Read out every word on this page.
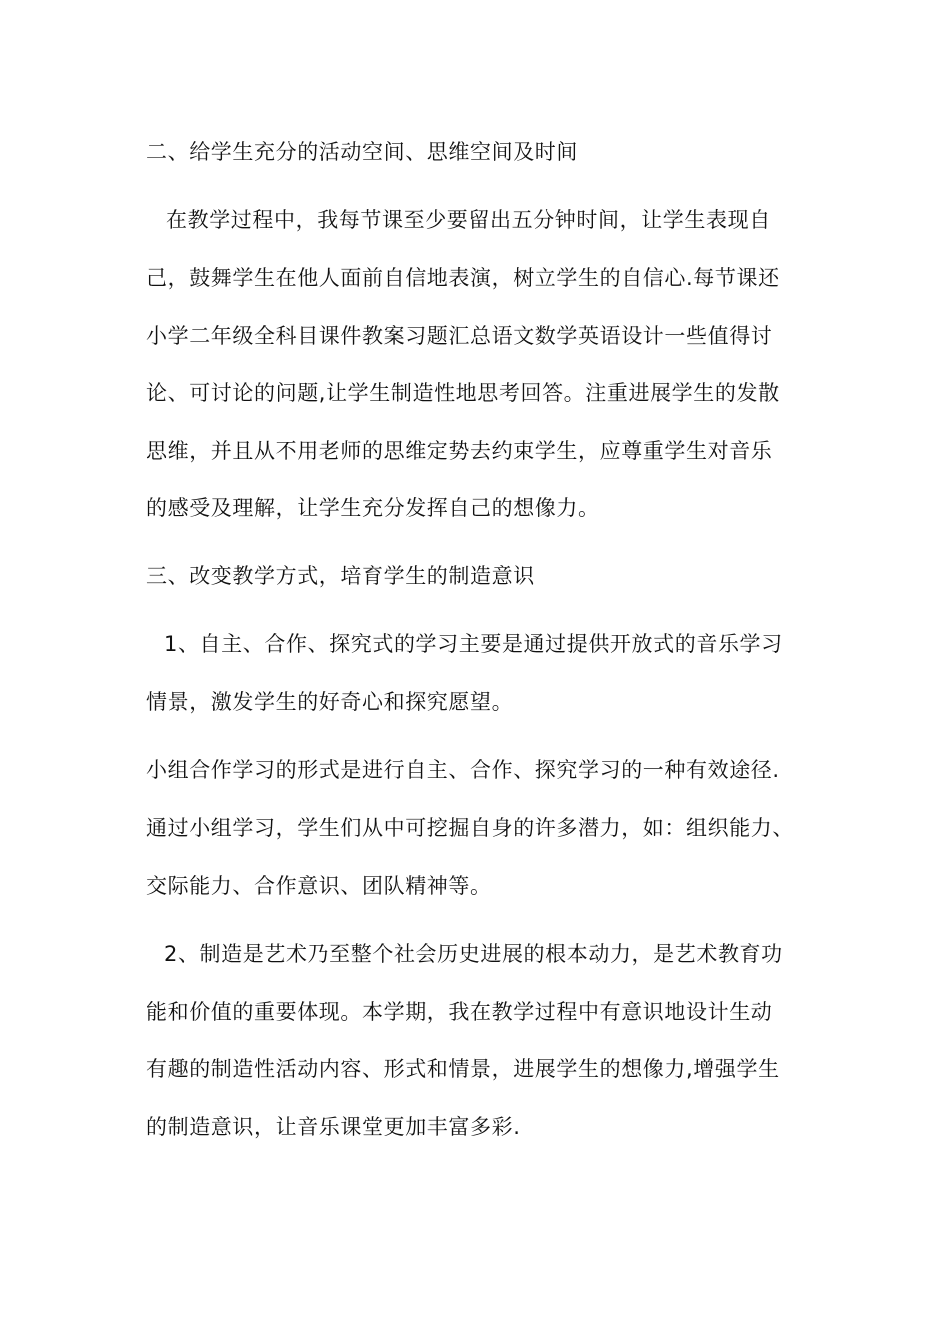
二、给学生充分的活动空间、思维空间及时间

在教学过程中，我每节课至少要留出五分钟时间，让学生表现自

己，鼓舞学生在他人面前自信地表演，树立学生的自信心.每节课还

小学二年级全科目课件教案习题汇总语文数学英语设计一些值得讨

论、可讨论的问题,让学生制造性地思考回答。注重进展学生的发散

思维，并且从不用老师的思维定势去约束学生，应尊重学生对音乐

的感受及理解，让学生充分发挥自己的想像力。

三、改变教学方式，培育学生的制造意识

1、自主、合作、探究式的学习主要是通过提供开放式的音乐学习

情景，激发学生的好奇心和探究愿望。

小组合作学习的形式是进行自主、合作、探究学习的一种有效途径.

通过小组学习，学生们从中可挖掘自身的许多潜力，如：组织能力、

交际能力、合作意识、团队精神等。

2、制造是艺术乃至整个社会历史进展的根本动力，是艺术教育功

能和价值的重要体现。本学期，我在教学过程中有意识地设计生动

有趣的制造性活动内容、形式和情景，进展学生的想像力,增强学生

的制造意识，让音乐课堂更加丰富多彩.
